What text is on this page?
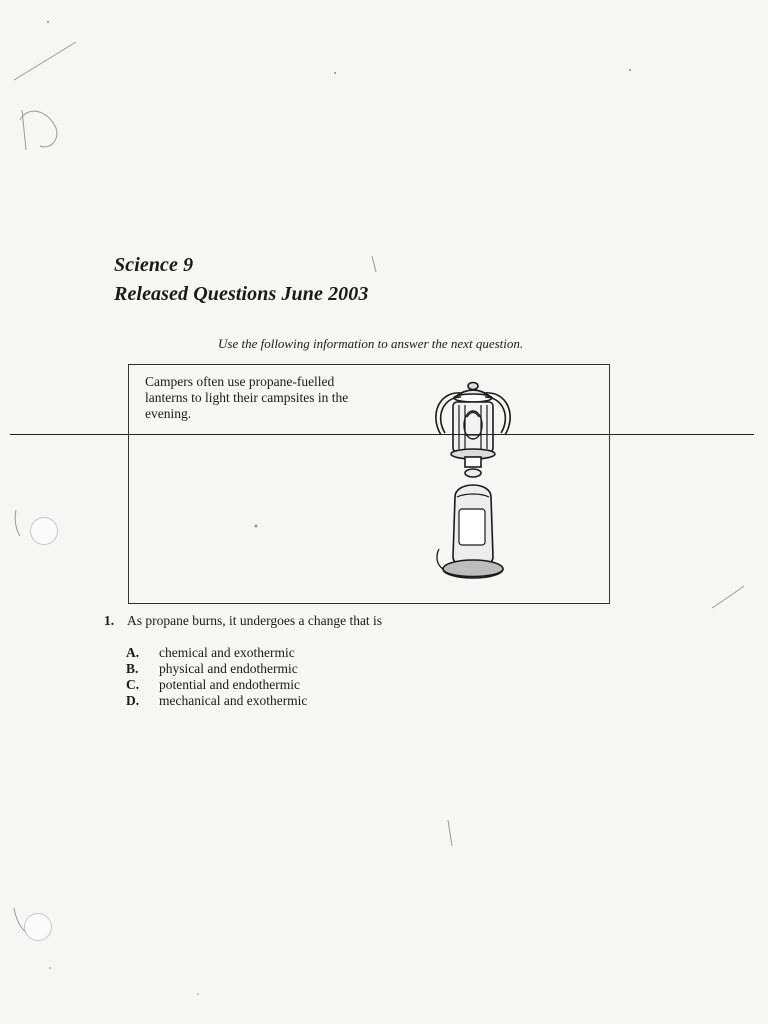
Science 9
Released Questions June 2003

Use the following information to answer the next question.

Campers often use propane-fuelled lanterns to light their campsites in the evening.

1. As propane burns, it undergoes a change that is

A.	chemical and exothermic
B.	physical and endothermic
C.	potential and endothermic
D.	mechanical and exothermic
